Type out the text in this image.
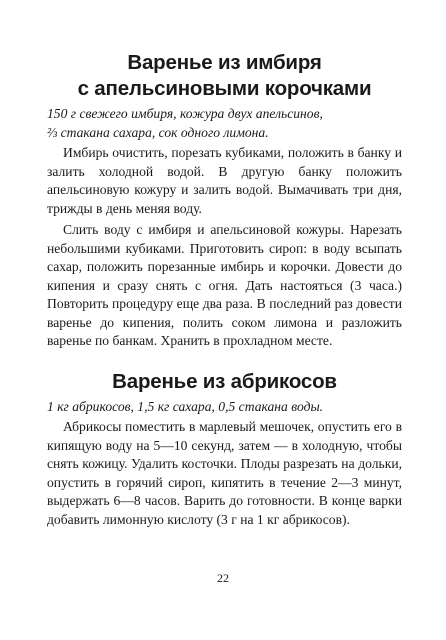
Варенье из имбиря
с апельсиновыми корочками
150 г свежего имбиря, кожура двух апельсинов,
⅔ стакана сахара, сок одного лимона.

Имбирь очистить, порезать кубиками, положить в банку и залить холодной водой. В другую банку положить апельсиновую кожуру и залить водой. Вымачивать три дня, трижды в день меняя воду.

Слить воду с имбиря и апельсиновой кожуры. Нарезать небольшими кубиками. Приготовить сироп: в воду всыпать сахар, положить порезанные имбирь и корочки. Довести до кипения и сразу снять с огня. Дать настояться (3 часа.) Повторить процедуру еще два раза. В последний раз довести варенье до кипения, полить соком лимона и разложить варенье по банкам. Хранить в прохладном месте.

Варенье из абрикосов
1 кг абрикосов, 1,5 кг сахара, 0,5 стакана воды.

Абрикосы поместить в марлевый мешочек, опустить его в кипящую воду на 5—10 секунд, затем — в холодную, чтобы снять кожицу. Удалить косточки. Плоды разрезать на дольки, опустить в горячий сироп, кипятить в течение 2—3 минут, выдержать 6—8 часов. Варить до готовности. В конце варки добавить лимонную кислоту (3 г на 1 кг абрикосов).

22
